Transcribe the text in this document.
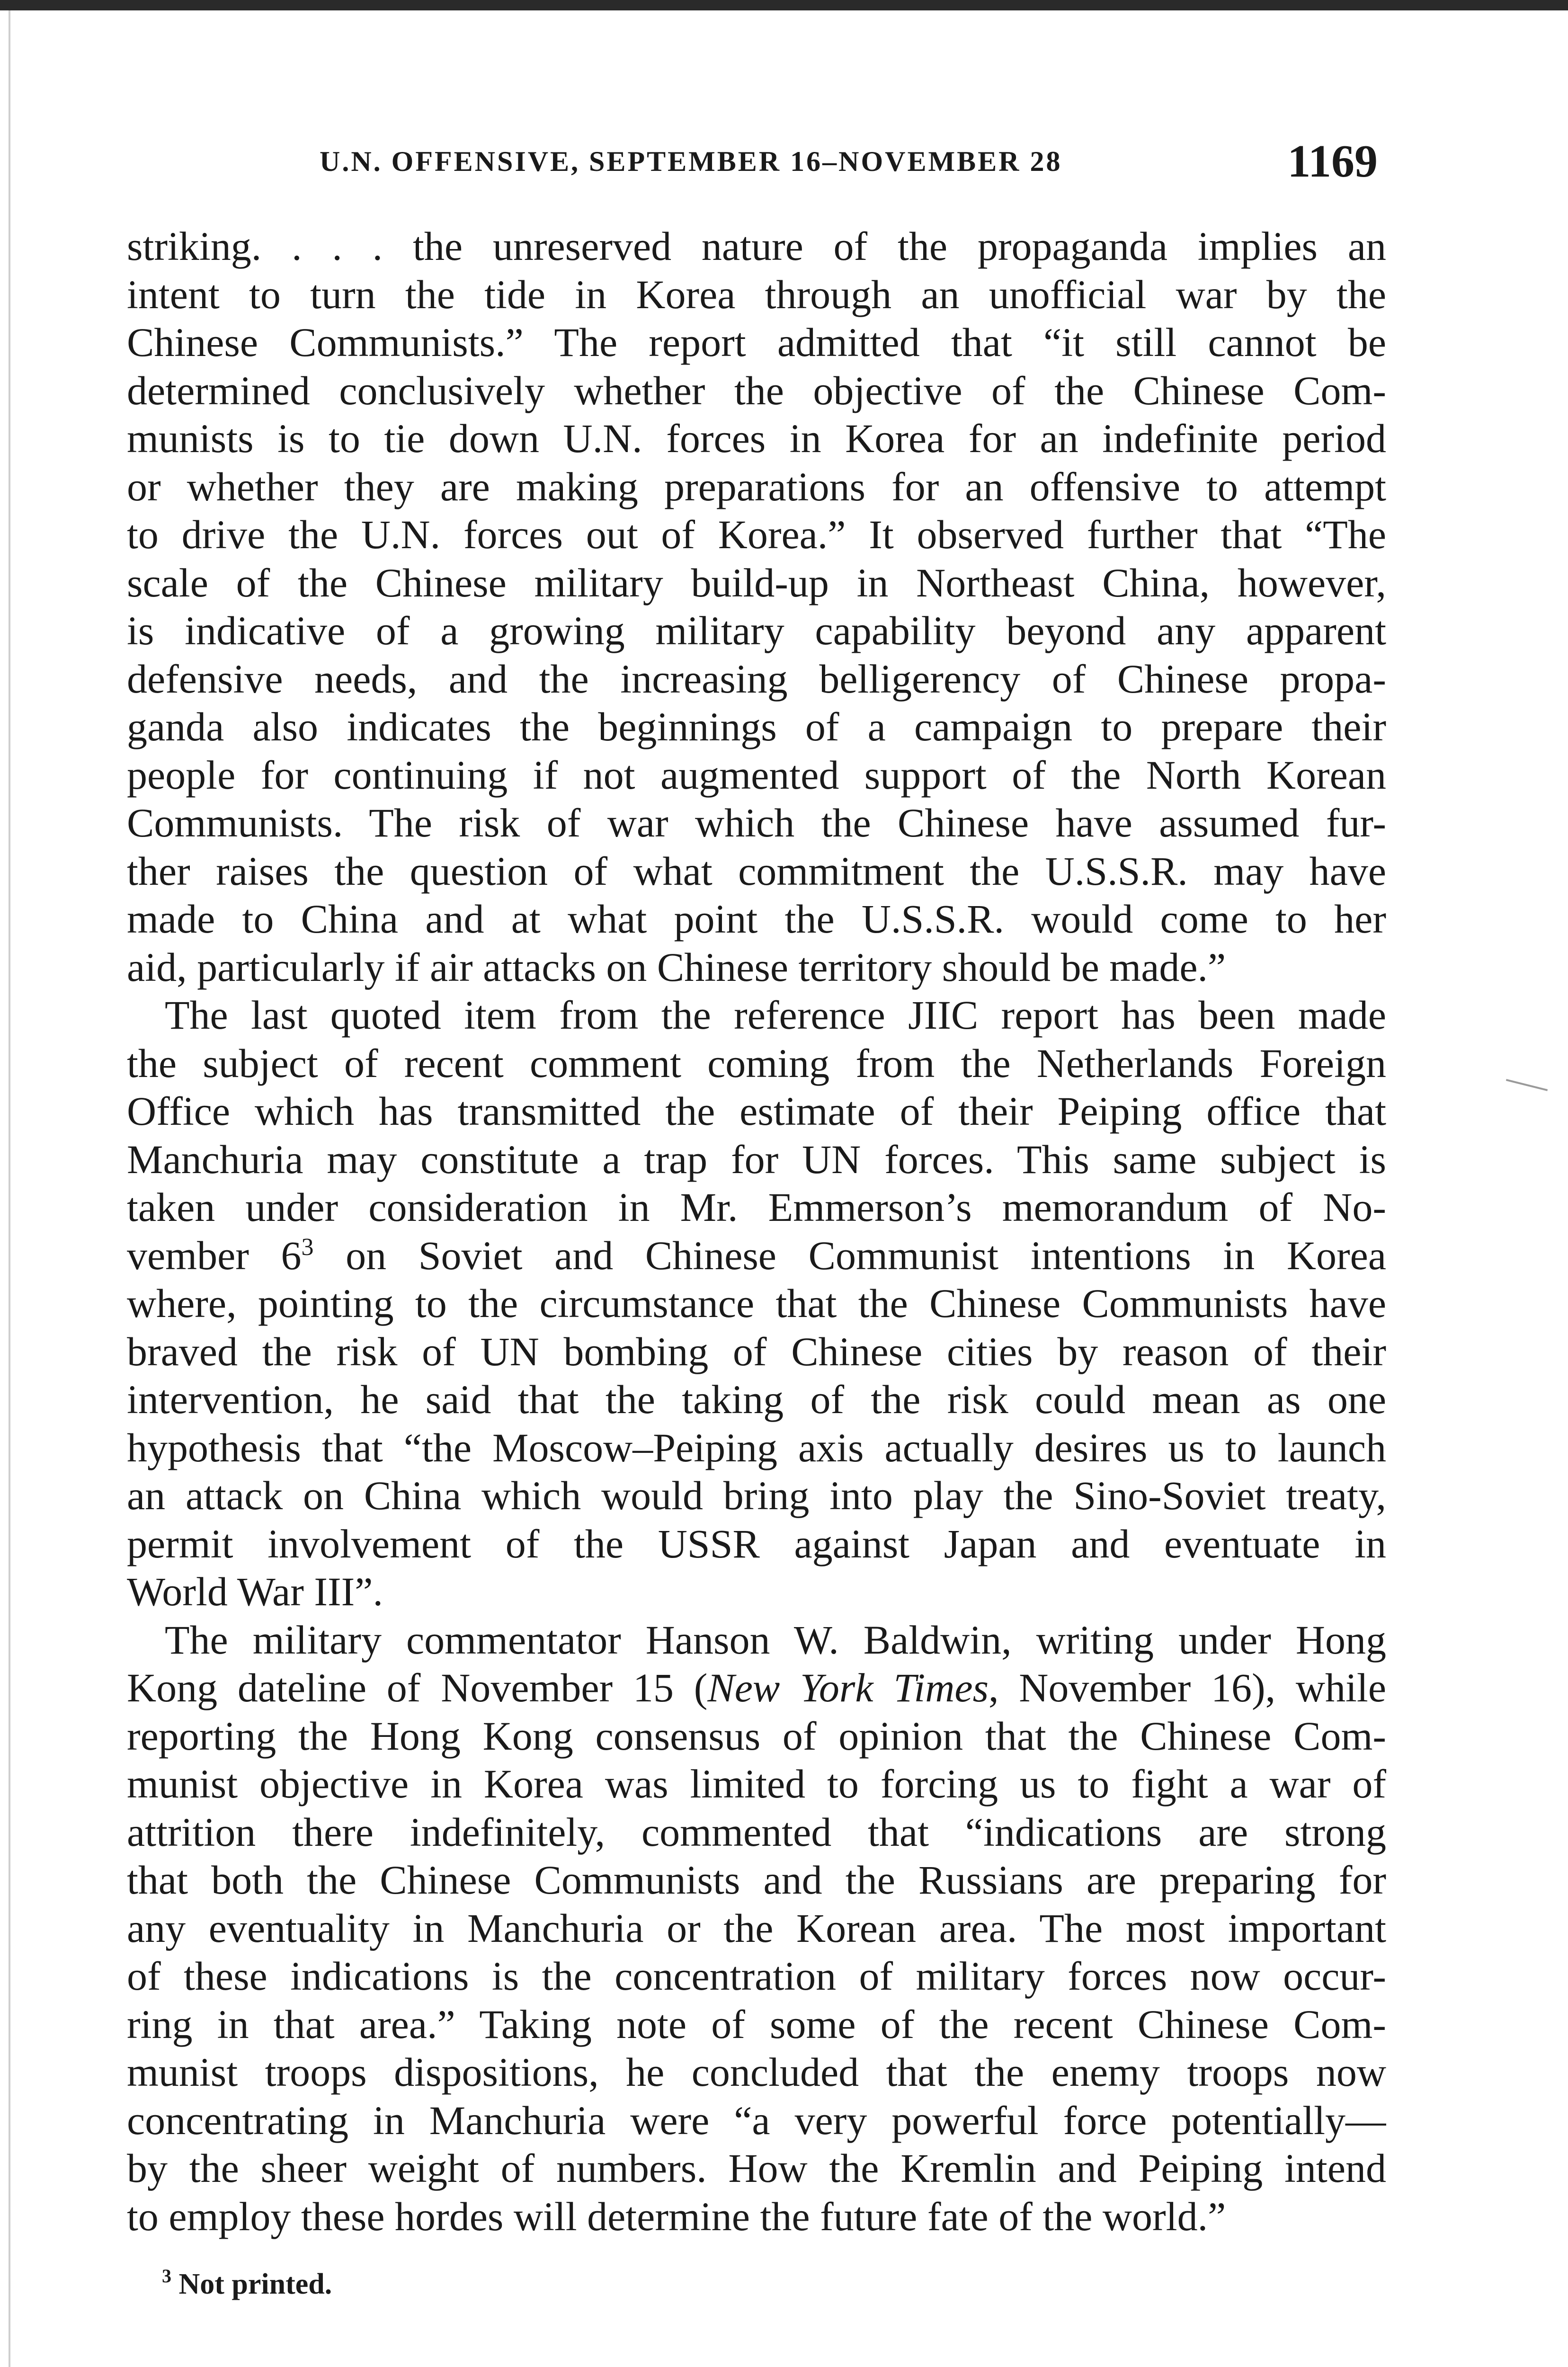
U.N. OFFENSIVE, SEPTEMBER 16–NOVEMBER 28	1169
striking. . . . the unreserved nature of the propaganda implies an
intent to turn the tide in Korea through an unofficial war by the
Chinese Communists.” The report admitted that “it still cannot be
determined conclusively whether the objective of the Chinese Com-
munists is to tie down U.N. forces in Korea for an indefinite period
or whether they are making preparations for an offensive to attempt
to drive the U.N. forces out of Korea.” It observed further that “The
scale of the Chinese military build-up in Northeast China, however,
is indicative of a growing military capability beyond any apparent
defensive needs, and the increasing belligerency of Chinese propa-
ganda also indicates the beginnings of a campaign to prepare their
people for continuing if not augmented support of the North Korean
Communists. The risk of war which the Chinese have assumed fur-
ther raises the question of what commitment the U.S.S.R. may have
made to China and at what point the U.S.S.R. would come to her
aid, particularly if air attacks on Chinese territory should be made.”
The last quoted item from the reference JIIC report has been made
the subject of recent comment coming from the Netherlands Foreign
Office which has transmitted the estimate of their Peiping office that
Manchuria may constitute a trap for UN forces. This same subject is
taken under consideration in Mr. Emmerson’s memorandum of No-
vember $6^3$ on Soviet and Chinese Communist intentions in Korea
where, pointing to the circumstance that the Chinese Communists have
braved the risk of UN bombing of Chinese cities by reason of their
intervention, he said that the taking of the risk could mean as one
hypothesis that “the Moscow–Peiping axis actually desires us to launch
an attack on China which would bring into play the Sino-Soviet treaty,
permit involvement of the USSR against Japan and eventuate in
World War III”.
The military commentator Hanson W. Baldwin, writing under Hong
Kong dateline of November 15 (New York Times, November 16), while
reporting the Hong Kong consensus of opinion that the Chinese Com-
munist objective in Korea was limited to forcing us to fight a war of
attrition there indefinitely, commented that “indications are strong
that both the Chinese Communists and the Russians are preparing for
any eventuality in Manchuria or the Korean area. The most important
of these indications is the concentration of military forces now occur-
ring in that area.” Taking note of some of the recent Chinese Com-
munist troops dispositions, he concluded that the enemy troops now
concentrating in Manchuria were “a very powerful force potentially—
by the sheer weight of numbers. How the Kremlin and Peiping intend
to employ these hordes will determine the future fate of the world.”
$^3$ Not printed.
